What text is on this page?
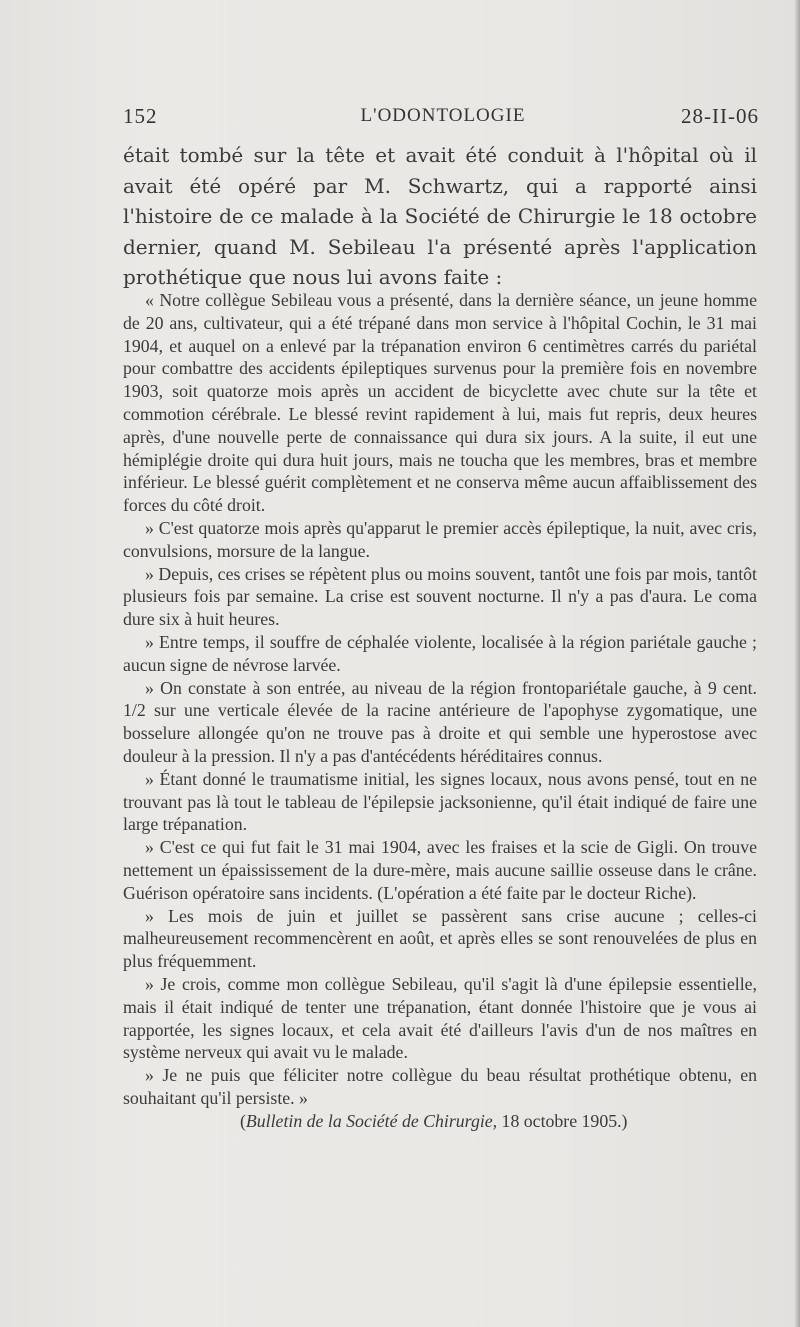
152	L'ODONTOLOGIE	28-II-06

était tombé sur la tête et avait été conduit à l'hôpital où il avait été opéré par M. Schwartz, qui a rapporté ainsi l'histoire de ce malade à la Société de Chirurgie le 18 octobre dernier, quand M. Sebileau l'a présenté après l'application prothétique que nous lui avons faite :

« Notre collègue Sebileau vous a présenté, dans la dernière séance, un jeune homme de 20 ans, cultivateur, qui a été trépané dans mon service à l'hôpital Cochin, le 31 mai 1904, et auquel on a enlevé par la trépanation environ 6 centimètres carrés du pariétal pour combattre des accidents épileptiques survenus pour la première fois en novembre 1903, soit quatorze mois après un accident de bicyclette avec chute sur la tête et commotion cérébrale. Le blessé revint rapidement à lui, mais fut repris, deux heures après, d'une nouvelle perte de connaissance qui dura six jours. A la suite, il eut une hémiplégie droite qui dura huit jours, mais ne toucha que les membres, bras et membre inférieur. Le blessé guérit complètement et ne conserva même aucun affaiblissement des forces du côté droit.

» C'est quatorze mois après qu'apparut le premier accès épileptique, la nuit, avec cris, convulsions, morsure de la langue.

» Depuis, ces crises se répètent plus ou moins souvent, tantôt une fois par mois, tantôt plusieurs fois par semaine. La crise est souvent nocturne. Il n'y a pas d'aura. Le coma dure six à huit heures.

» Entre temps, il souffre de céphalée violente, localisée à la région pariétale gauche ; aucun signe de névrose larvée.

» On constate à son entrée, au niveau de la région frontopariétale gauche, à 9 cent. 1/2 sur une verticale élevée de la racine antérieure de l'apophyse zygomatique, une bosselure allongée qu'on ne trouve pas à droite et qui semble une hyperostose avec douleur à la pression. Il n'y a pas d'antécédents héréditaires connus.

» Étant donné le traumatisme initial, les signes locaux, nous avons pensé, tout en ne trouvant pas là tout le tableau de l'épilepsie jacksonienne, qu'il était indiqué de faire une large trépanation.

» C'est ce qui fut fait le 31 mai 1904, avec les fraises et la scie de Gigli. On trouve nettement un épaississement de la dure-mère, mais aucune saillie osseuse dans le crâne. Guérison opératoire sans incidents. (L'opération a été faite par le docteur Riche).

» Les mois de juin et juillet se passèrent sans crise aucune ; celles-ci malheureusement recommencèrent en août, et après elles se sont renouvelées de plus en plus fréquemment.

» Je crois, comme mon collègue Sebileau, qu'il s'agit là d'une épilepsie essentielle, mais il était indiqué de tenter une trépanation, étant donnée l'histoire que je vous ai rapportée, les signes locaux, et cela avait été d'ailleurs l'avis d'un de nos maîtres en système nerveux qui avait vu le malade.

» Je ne puis que féliciter notre collègue du beau résultat prothétique obtenu, en souhaitant qu'il persiste. »

(Bulletin de la Société de Chirurgie, 18 octobre 1905.)
